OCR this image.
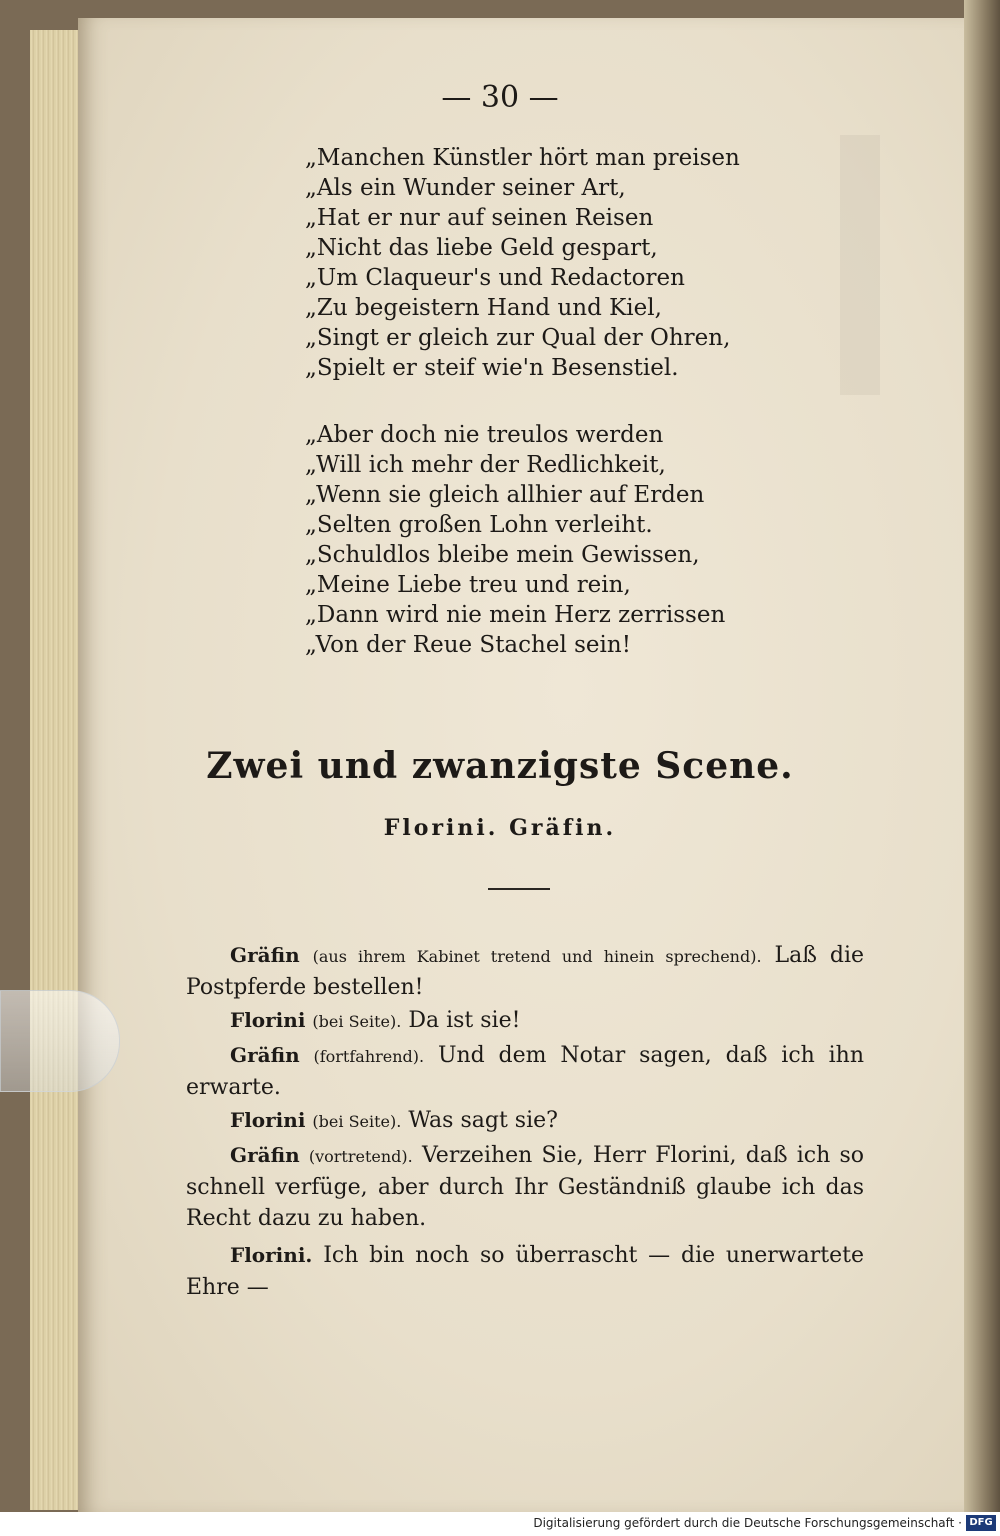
— 30 —
„Manchen Künstler hört man preisen
„Als ein Wunder seiner Art,
„Hat er nur auf seinen Reisen
„Nicht das liebe Geld gespart,
„Um Claqueur's und Redactoren
„Zu begeistern Hand und Kiel,
„Singt er gleich zur Qual der Ohren,
„Spielt er steif wie'n Besenstiel.
„Aber doch nie treulos werden
„Will ich mehr der Redlichkeit,
„Wenn sie gleich allhier auf Erden
„Selten großen Lohn verleiht.
„Schuldlos bleibe mein Gewissen,
„Meine Liebe treu und rein,
„Dann wird nie mein Herz zerrissen
„Von der Reue Stachel sein!
Zwei und zwanzigste Scene.
Florini. Gräfin.
Gräfin (aus ihrem Kabinet tretend und hinein sprechend). Laß die Postpferde bestellen!
Florini (bei Seite). Da ist sie!
Gräfin (fortfahrend). Und dem Notar sagen, daß ich ihn erwarte.
Florini (bei Seite). Was sagt sie?
Gräfin (vortretend). Verzeihen Sie, Herr Florini, daß ich so schnell verfüge, aber durch Ihr Geständniß glaube ich das Recht dazu zu haben.
Florini. Ich bin noch so überrascht — die unerwartete Ehre —
Digitalisierung gefördert durch die Deutsche Forschungsgemeinschaft · DFG
